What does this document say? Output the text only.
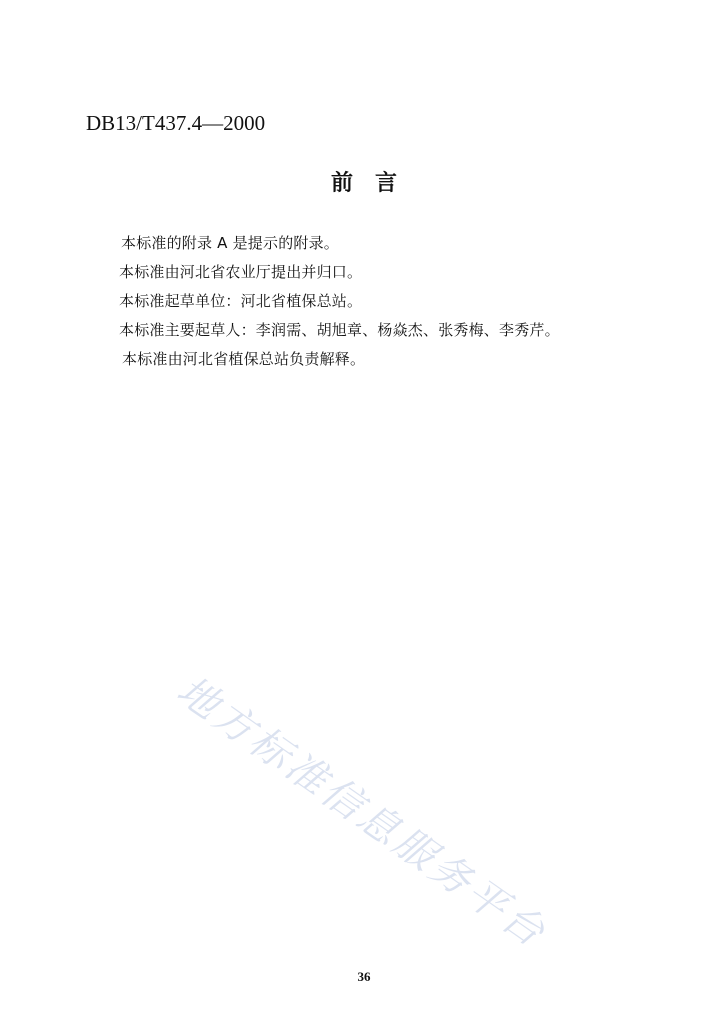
DB13/T437.4—2000
前言
本标准的附录 A 是提示的附录。
本标准由河北省农业厅提出并归口。
本标准起草单位：河北省植保总站。
本标准主要起草人：李润需、胡旭章、杨焱杰、张秀梅、李秀芹。
本标准由河北省植保总站负责解释。
地方标准信息服务平台
36
